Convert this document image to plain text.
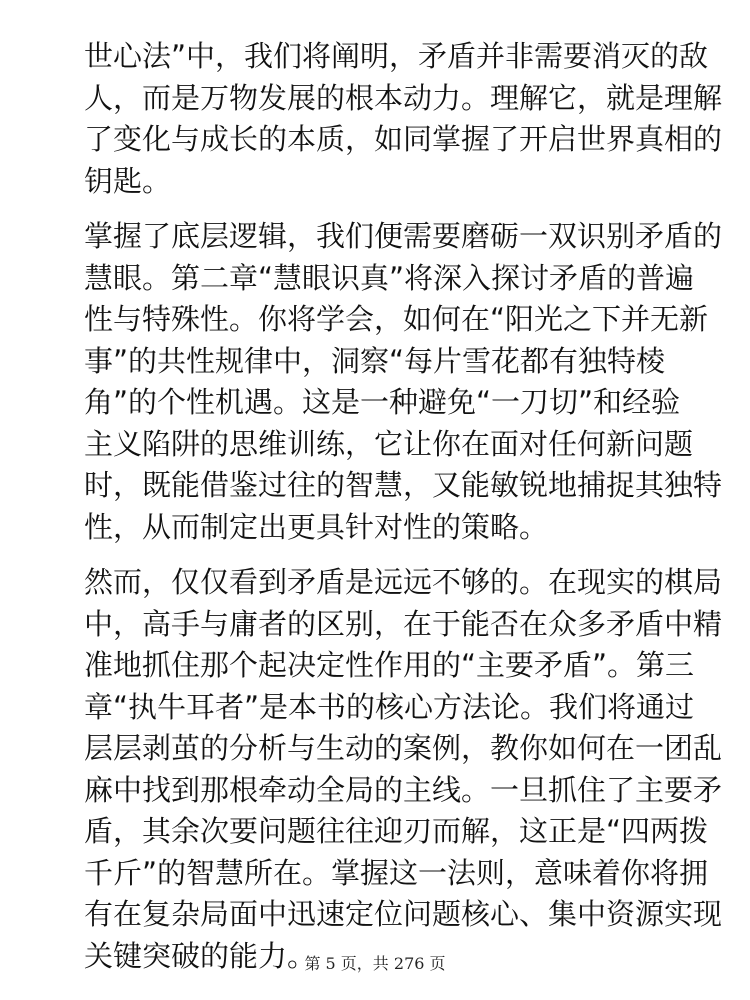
世心法”中，我们将阐明，矛盾并非需要消灭的敌
人，而是万物发展的根本动力。理解它，就是理解
了变化与成长的本质，如同掌握了开启世界真相的
钥匙。

掌握了底层逻辑，我们便需要磨砺一双识别矛盾的
慧眼。第二章“慧眼识真”将深入探讨矛盾的普遍
性与特殊性。你将学会，如何在“阳光之下并无新
事”的共性规律中，洞察“每片雪花都有独特棱
角”的个性机遇。这是一种避免“一刀切”和经验
主义陷阱的思维训练，它让你在面对任何新问题
时，既能借鉴过往的智慧，又能敏锐地捕捉其独特
性，从而制定出更具针对性的策略。

然而，仅仅看到矛盾是远远不够的。在现实的棋局
中，高手与庸者的区别，在于能否在众多矛盾中精
准地抓住那个起决定性作用的“主要矛盾”。第三
章“执牛耳者”是本书的核心方法论。我们将通过
层层剥茧的分析与生动的案例，教你如何在一团乱
麻中找到那根牵动全局的主线。一旦抓住了主要矛
盾，其余次要问题往往迎刃而解，这正是“四两拨
千斤”的智慧所在。掌握这一法则，意味着你将拥
有在复杂局面中迅速定位问题核心、集中资源实现
关键突破的能力。

第 5 页，共 276 页
